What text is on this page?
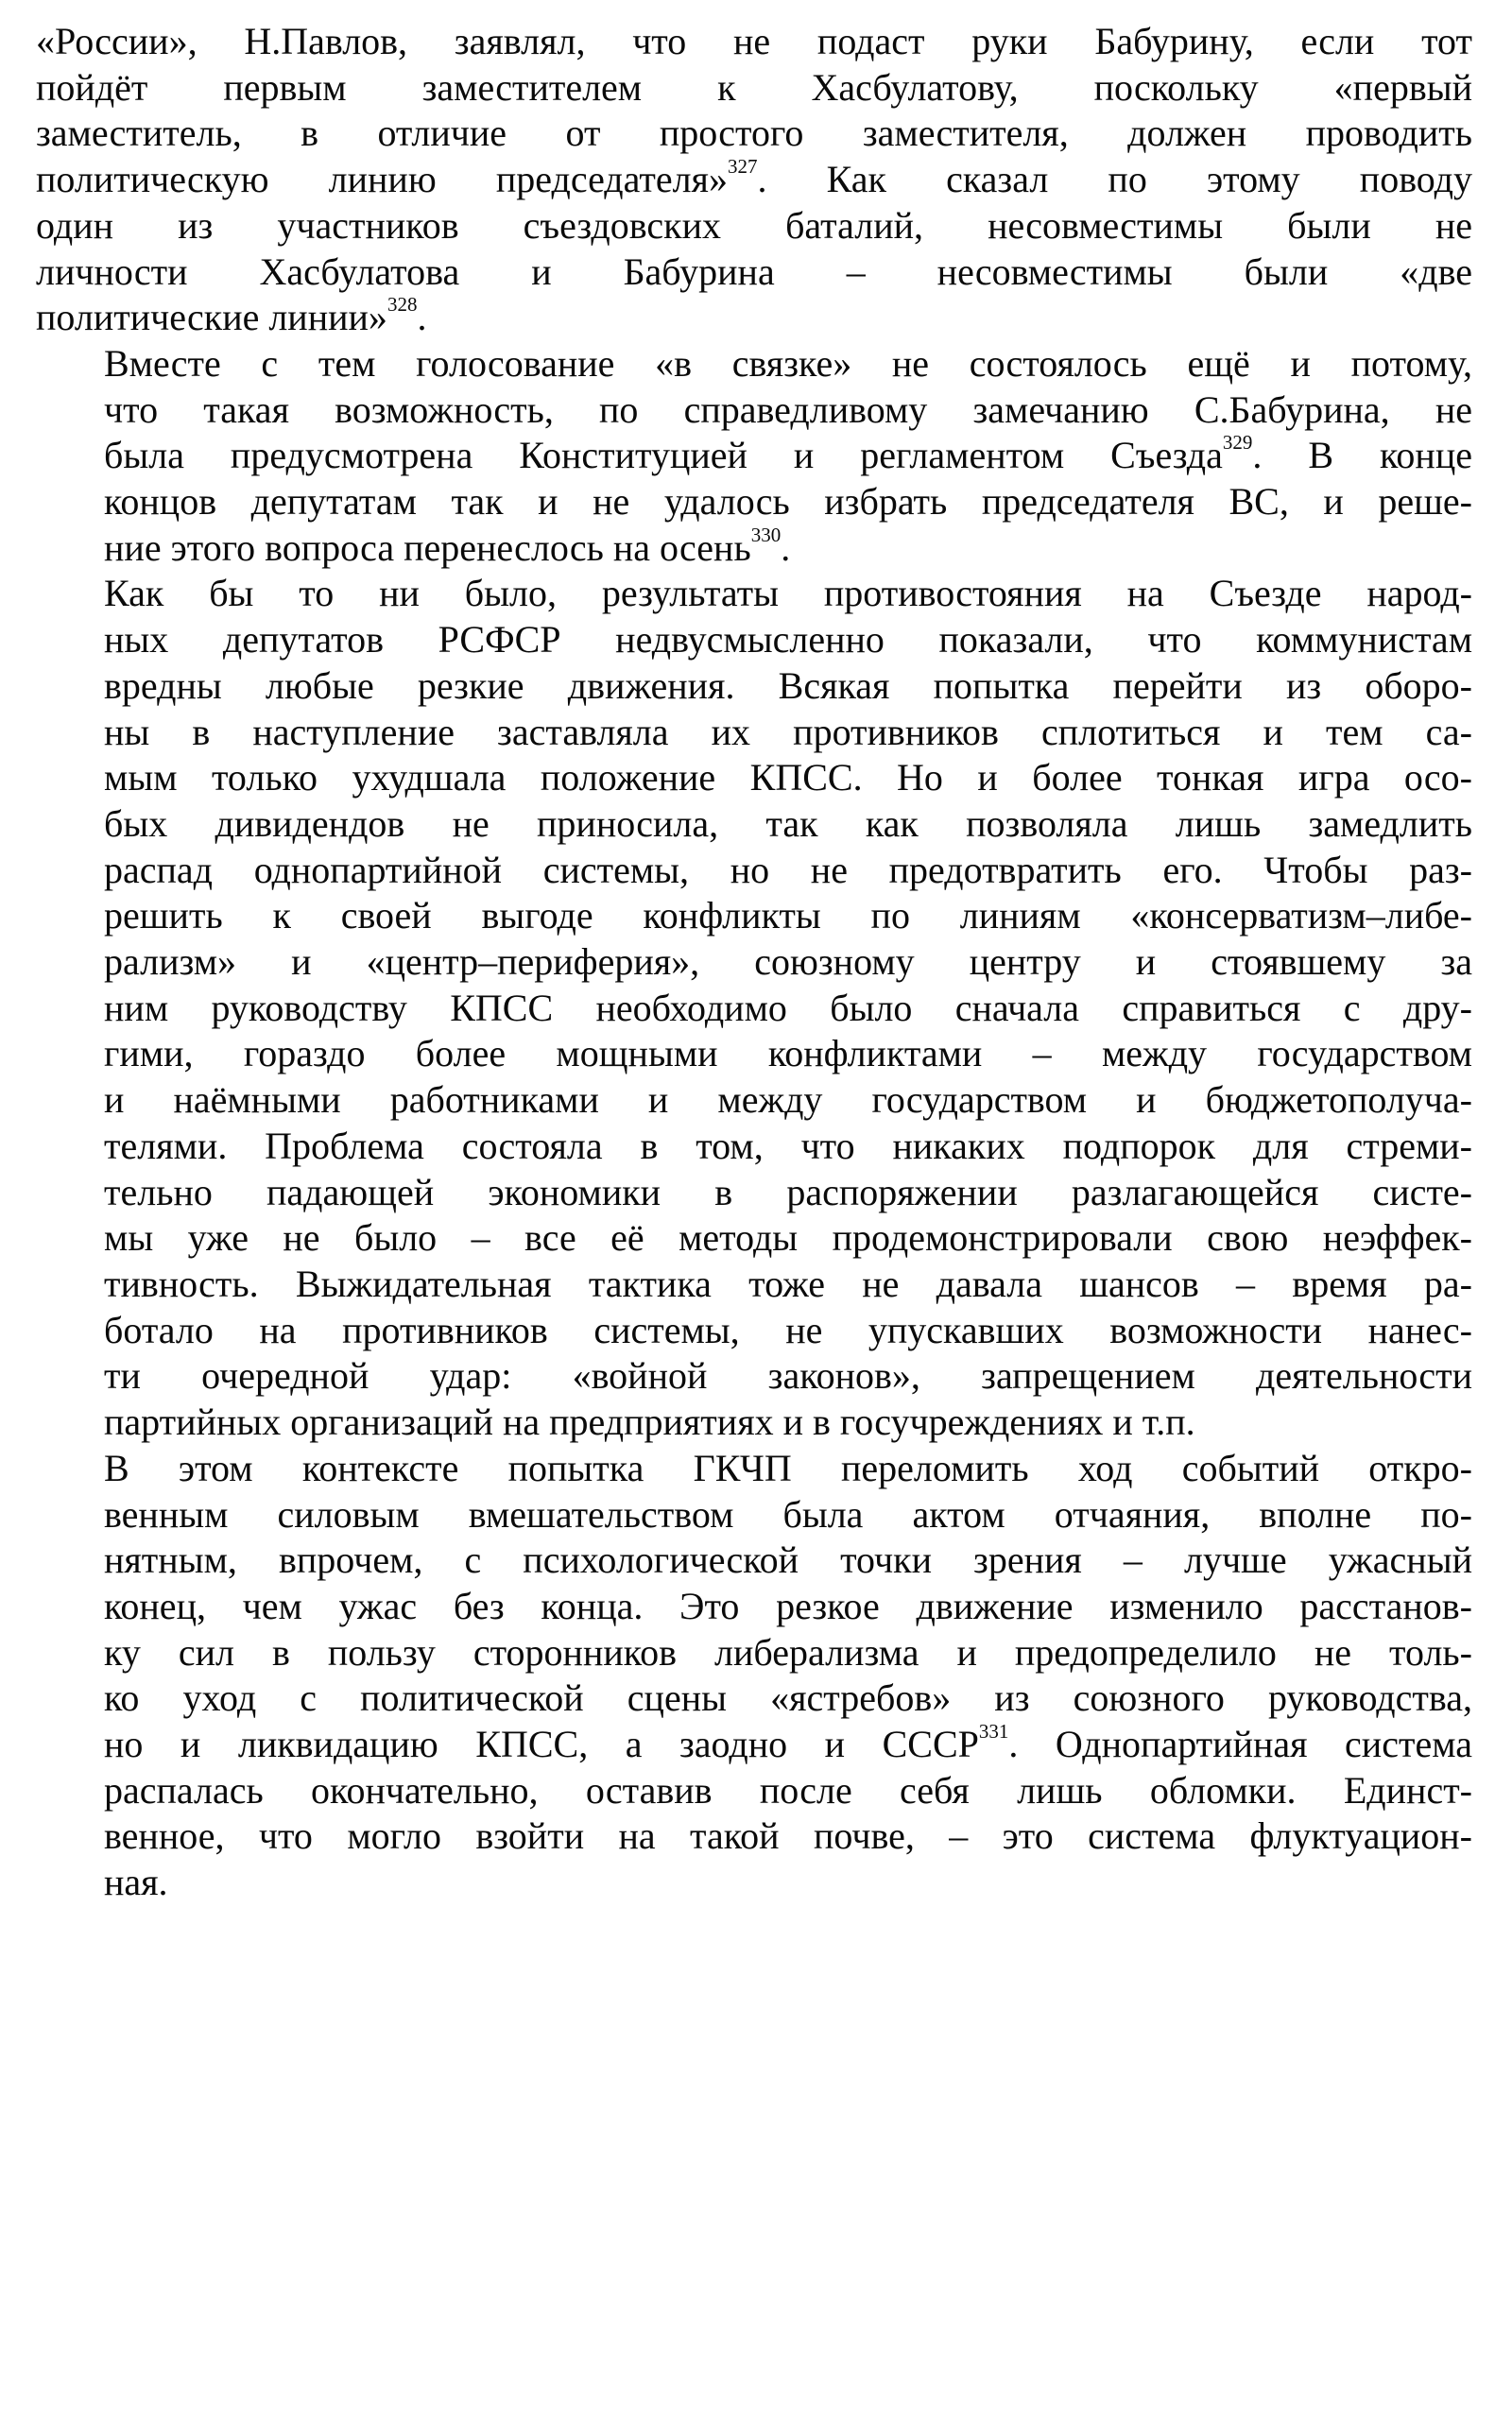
«России», Н.Павлов, заявлял, что не подаст руки Бабурину, если тот
пойдёт первым заместителем к Хасбулатову, поскольку «первый
заместитель, в отличие от простого заместителя, должен проводить
политическую линию председателя»$^{327}$. Как сказал по этому поводу
один из участников съездовских баталий, несовместимы были не
личности Хасбулатова и Бабурина – несовместимы были «две
политические линии»$^{328}$.
Вместе с тем голосование «в связке» не состоялось ещё и потому,
что такая возможность, по справедливому замечанию С.Бабурина, не
была предусмотрена Конституцией и регламентом Съезда$^{329}$. В конце
концов депутатам так и не удалось избрать председателя ВС, и реше-
ние этого вопроса перенеслось на осень$^{330}$.
Как бы то ни было, результаты противостояния на Съезде народ-
ных депутатов РСФСР недвусмысленно показали, что коммунистам
вредны любые резкие движения. Всякая попытка перейти из оборо-
ны в наступление заставляла их противников сплотиться и тем са-
мым только ухудшала положение КПСС. Но и более тонкая игра осо-
бых дивидендов не приносила, так как позволяла лишь замедлить
распад однопартийной системы, но не предотвратить его. Чтобы раз-
решить к своей выгоде конфликты по линиям «консерватизм–либе-
рализм» и «центр–периферия», союзному центру и стоявшему за
ним руководству КПСС необходимо было сначала справиться с дру-
гими, гораздо более мощными конфликтами – между государством
и наёмными работниками и между государством и бюджетополуча-
телями. Проблема состояла в том, что никаких подпорок для стреми-
тельно падающей экономики в распоряжении разлагающейся систе-
мы уже не было – все её методы продемонстрировали свою неэффек-
тивность. Выжидательная тактика тоже не давала шансов – время ра-
ботало на противников системы, не упускавших возможности нанес-
ти очередной удар: «войной законов», запрещением деятельности
партийных организаций на предприятиях и в госучреждениях и т.п.
В этом контексте попытка ГКЧП переломить ход событий откро-
венным силовым вмешательством была актом отчаяния, вполне по-
нятным, впрочем, с психологической точки зрения – лучше ужасный
конец, чем ужас без конца. Это резкое движение изменило расстанов-
ку сил в пользу сторонников либерализма и предопределило не толь-
ко уход с политической сцены «ястребов» из союзного руководства,
но и ликвидацию КПСС, а заодно и СССР$^{331}$. Однопартийная система
распалась окончательно, оставив после себя лишь обломки. Единст-
венное, что могло взойти на такой почве, – это система флуктуацион-
ная.
